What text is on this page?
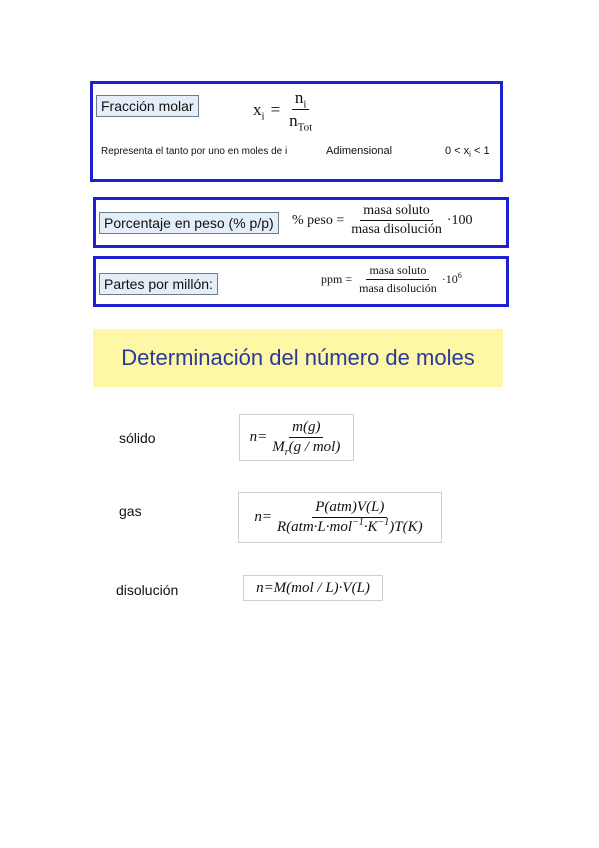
Fracción molar	$x_i = \frac{n_i}{n_{Tot}}$
Representa el tanto por uno en moles de i	Adimensional	$0 < x_i < 1$
Porcentaje en peso (% p/p)	% peso = $\frac{\text{masa soluto}}{\text{masa disolución}} \cdot 100$
Partes por millón:	ppm = $\frac{\text{masa soluto}}{\text{masa disolución}} \cdot 10^6$
Determinación del número de moles
sólido	$n= \frac{m(g)}{M_r(g / mol)}$
gas	$n= \frac{\text{P(atm)V(L)}}{R(atm\cdot L\cdot mol^{-1}\cdot K^{-1})T(K)}$
disolución	n=M(mol / L)·V(L)
